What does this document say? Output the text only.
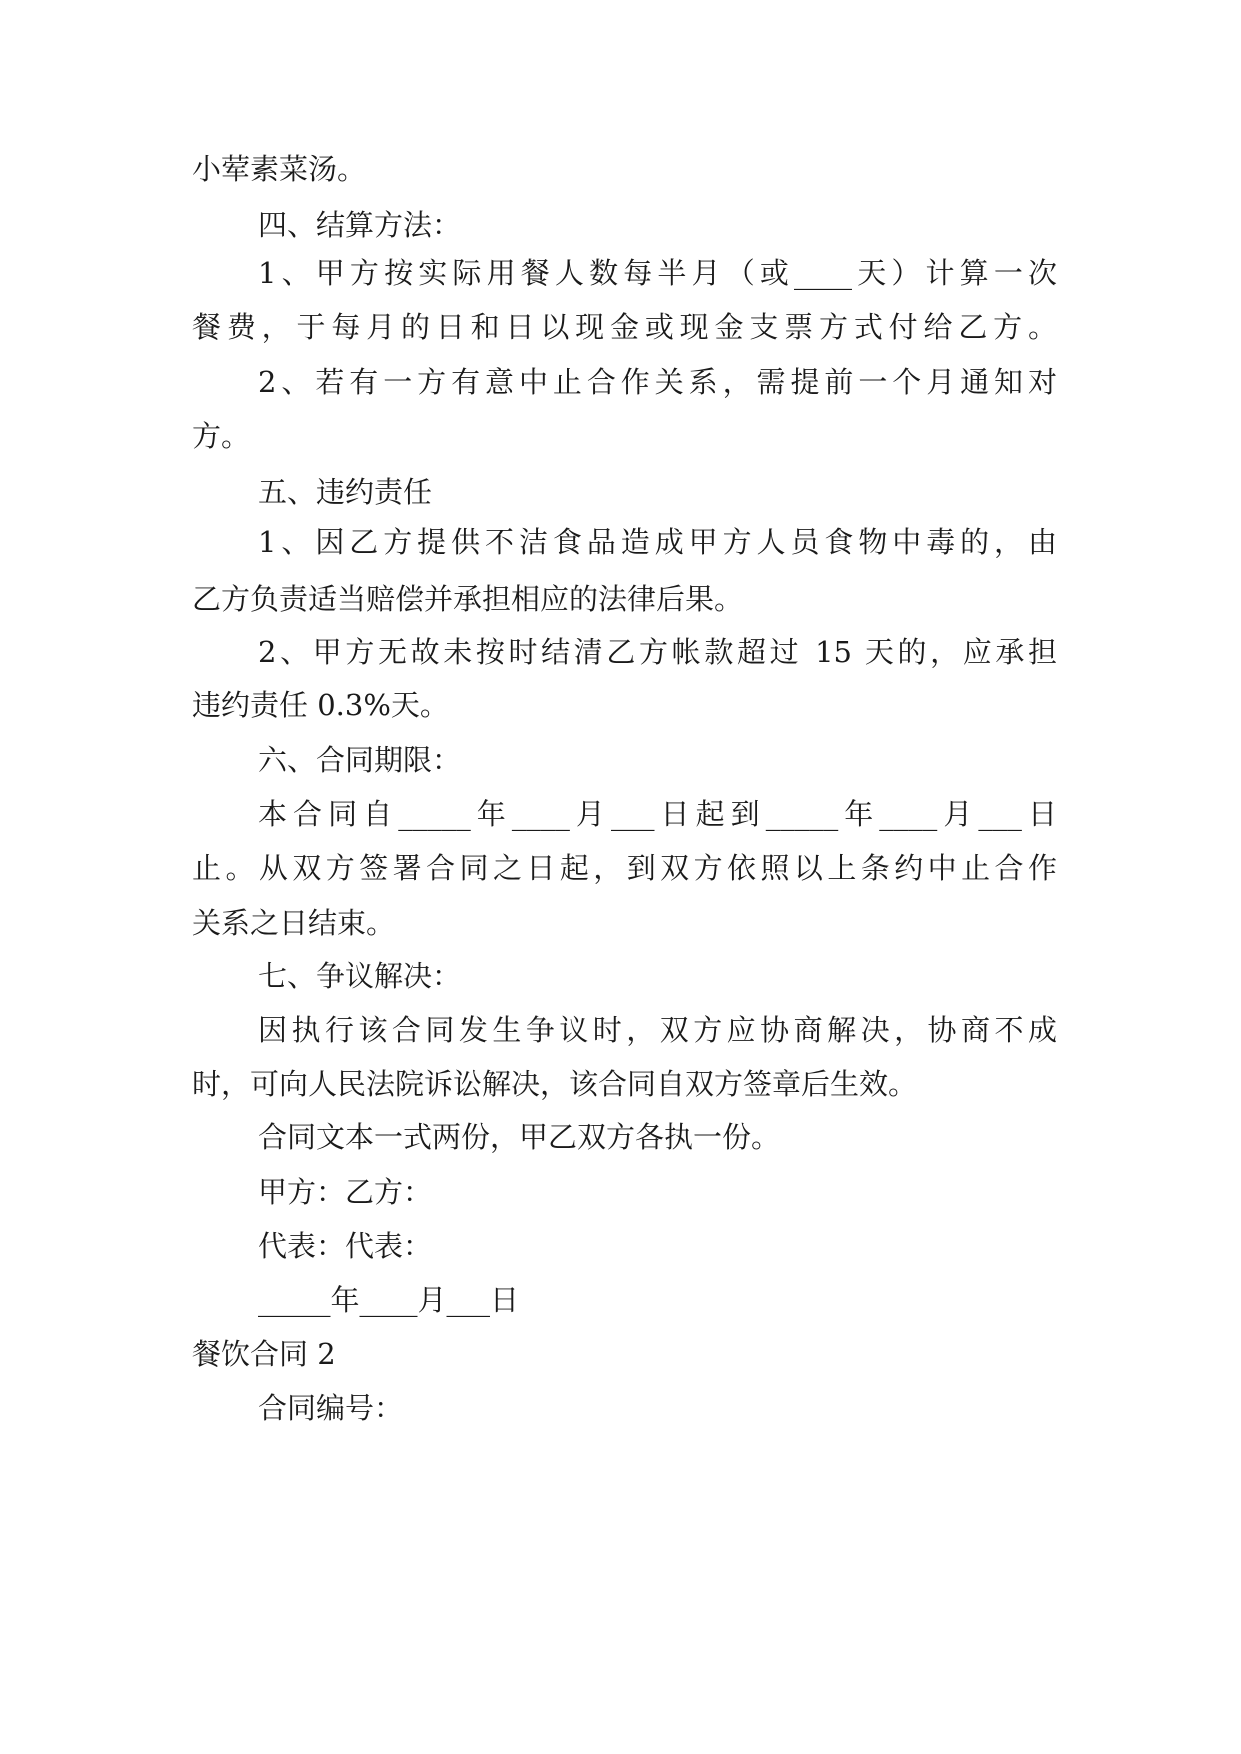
小荤素菜汤。
四、结算方法：
1、甲方按实际用餐人数每半月（或____天）计算一次
餐费，于每月的日和日以现金或现金支票方式付给乙方。
2、若有一方有意中止合作关系，需提前一个月通知对
方。
五、违约责任
1、因乙方提供不洁食品造成甲方人员食物中毒的，由
乙方负责适当赔偿并承担相应的法律后果。
2、甲方无故未按时结清乙方帐款超过 15 天的，应承担
违约责任 0.3%天。
六、合同期限：
本合同自_____年____月___日起到_____年____月___日
止。从双方签署合同之日起，到双方依照以上条约中止合作
关系之日结束。
七、争议解决：
因执行该合同发生争议时，双方应协商解决，协商不成
时，可向人民法院诉讼解决，该合同自双方签章后生效。
合同文本一式两份，甲乙双方各执一份。
甲方：乙方：
代表：代表：
_____年____月___日
餐饮合同 2
合同编号：
